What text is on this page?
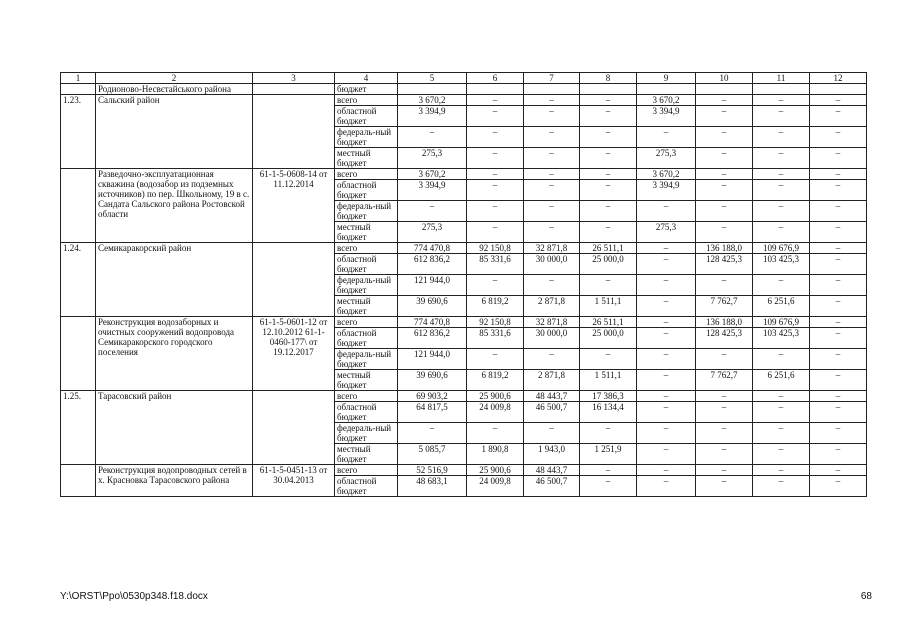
1	2	3	4	5	6	7	8	9	10	11	12
	Родионово-Несвєтайського района		бюджет								
1.23.	Сальский район		всего	3 670,2	–	–	–	3 670,2	–	–	–
			областной бюджет	3 394,9	–	–	–	3 394,9	–	–	–
			федераль-ный бюджет	–	–	–	–	–	–	–	–
			местный бюджет	275,3	–	–	–	275,3	–	–	–
	Разведочно-эксплуатационная скважина (водозабор из подземных источников) по пер. Школьному, 19 в с. Сандата Сальского района Ростовской области	61-1-5-0608-14 от 11.12.2014	всего	3 670,2	–	–	–	3 670,2	–	–	–
			областной бюджет	3 394,9	–	–	–	3 394,9	–	–	–
			федераль-ный бюджет	–	–	–	–	–	–	–	–
			местный бюджет	275,3	–	–	–	275,3	–	–	–
1.24.	Семикаракорский район		всего	774 470,8	92 150,8	32 871,8	26 511,1	–	136 188,0	109 676,9	–
			областной бюджет	612 836,2	85 331,6	30 000,0	25 000,0	–	128 425,3	103 425,3	–
			федераль-ный бюджет	121 944,0	–	–	–	–	–	–	–
			местный бюджет	39 690,6	6 819,2	2 871,8	1 511,1	–	7 762,7	6 251,6	–
	Реконструкция водозаборных и очистных сооружений водопровода Семикаракорского городского поселения	61-1-5-0601-12 от 12.10.2012 61-1-0460-177\ от 19.12.2017	всего	774 470,8	92 150,8	32 871,8	26 511,1	–	136 188,0	109 676,9	–
			областной бюджет	612 836,2	85 331,6	30 000,0	25 000,0	–	128 425,3	103 425,3	–
			федераль-ный бюджет	121 944,0	–	–	–	–	–	–	–
			местный бюджет	39 690,6	6 819,2	2 871,8	1 511,1	–	7 762,7	6 251,6	–
1.25.	Тарасовский район		всего	69 903,2	25 900,6	48 443,7	17 386,3	–	–	–	–
			областной бюджет	64 817,5	24 009,8	46 500,7	16 134,4	–	–	–	–
			федераль-ный бюджет	–	–	–	–	–	–	–	–
			местный бюджет	5 085,7	1 890,8	1 943,0	1 251,9	–	–	–	–
	Реконструкция водопроводных сетей в х. Красновка Тарасовского района	61-1-5-0451-13 от 30.04.2013	всего	52 516,9	25 900,6	48 443,7	–	–	–	–	–
			областной бюджет	48 683,1	24 009,8	46 500,7	–	–	–	–	–
Y:\ORST\Ppo\0530p348.f18.docx	68
